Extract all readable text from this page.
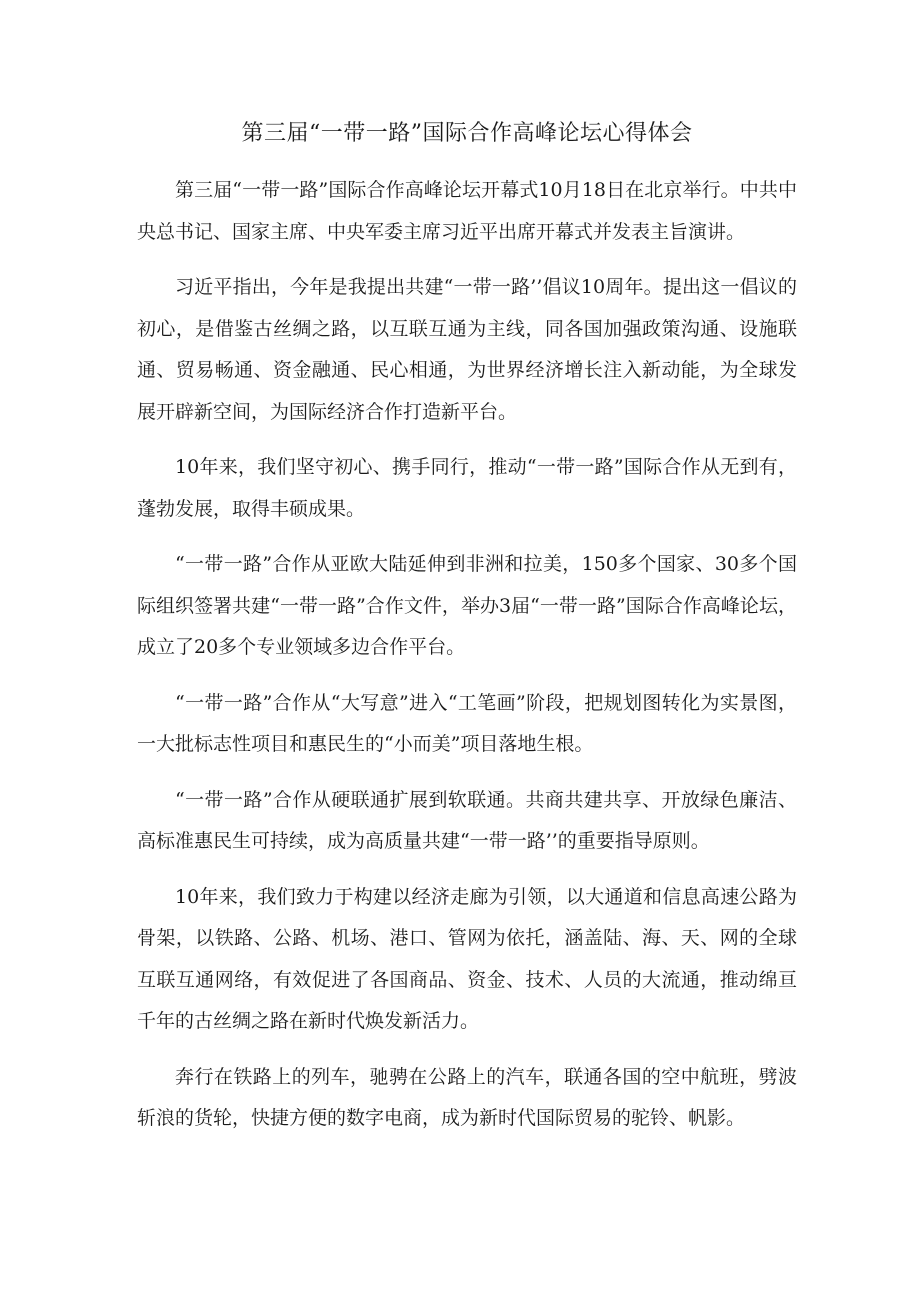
第三届“一带一路”国际合作高峰论坛心得体会

第三届“一带一路”国际合作高峰论坛开幕式10月18日在北京举行。中共中央总书记、国家主席、中央军委主席习近平出席开幕式并发表主旨演讲。

习近平指出，今年是我提出共建“一带一路’’倡议10周年。提出这一倡议的初心，是借鉴古丝绸之路，以互联互通为主线，同各国加强政策沟通、设施联通、贸易畅通、资金融通、民心相通，为世界经济增长注入新动能，为全球发展开辟新空间，为国际经济合作打造新平台。

10年来，我们坚守初心、携手同行，推动“一带一路”国际合作从无到有，蓬勃发展，取得丰硕成果。

“一带一路”合作从亚欧大陆延伸到非洲和拉美，150多个国家、30多个国际组织签署共建“一带一路”合作文件，举办3届“一带一路”国际合作高峰论坛，成立了20多个专业领域多边合作平台。

“一带一路”合作从“大写意”进入“工笔画”阶段，把规划图转化为实景图，一大批标志性项目和惠民生的“小而美”项目落地生根。

“一带一路”合作从硬联通扩展到软联通。共商共建共享、开放绿色廉洁、高标准惠民生可持续，成为高质量共建“一带一路’’的重要指导原则。

10年来，我们致力于构建以经济走廊为引领，以大通道和信息高速公路为骨架，以铁路、公路、机场、港口、管网为依托，涵盖陆、海、天、网的全球互联互通网络，有效促进了各国商品、资金、技术、人员的大流通，推动绵亘千年的古丝绸之路在新时代焕发新活力。

奔行在铁路上的列车，驰骋在公路上的汽车，联通各国的空中航班，劈波斩浪的货轮，快捷方便的数字电商，成为新时代国际贸易的驼铃、帆影。
